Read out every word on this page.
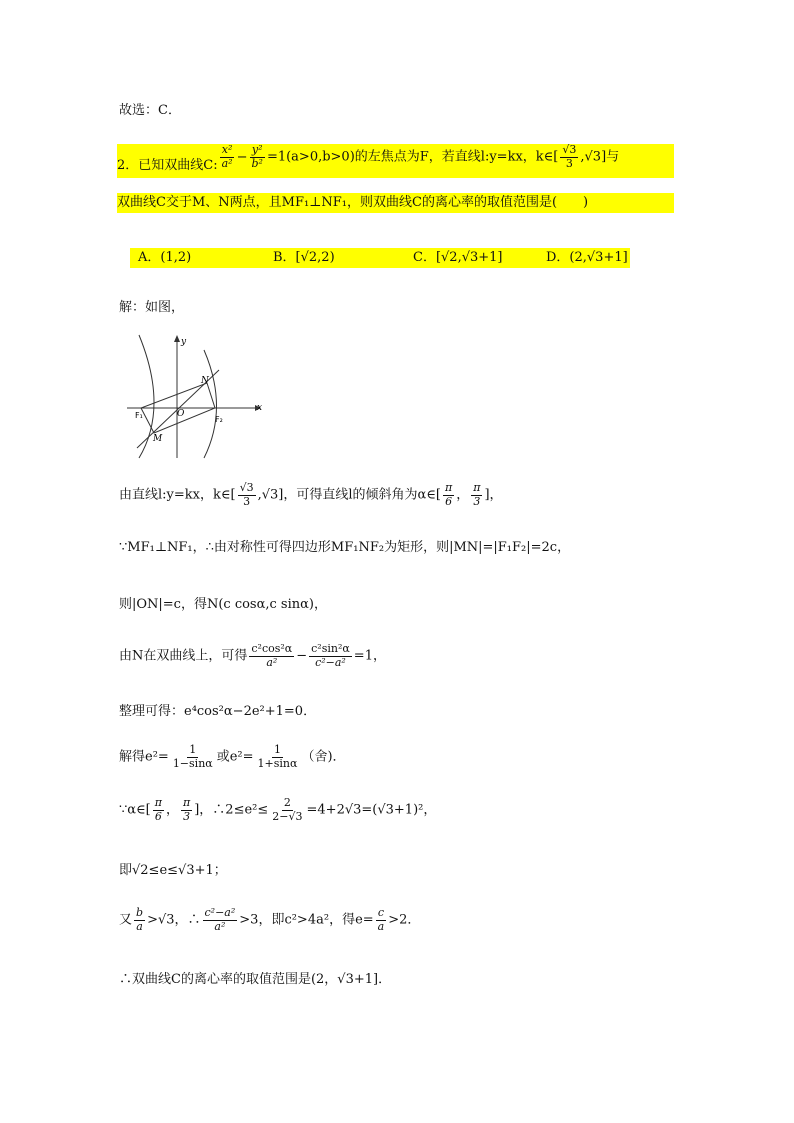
故选：C．
2．已知双曲线C: $\frac{\text{x²}}{\text{a²}} - \frac{\text{y²}}{\text{b²}} =1(a>0,b>0)$的左焦点为F，若直线l:y=kx，k∈[ $\frac{√3}{3} ,√3$]与
双曲线C交于M、N两点，且MF₁⊥NF₁，则双曲线C的离心率的取值范围是(　　)
A．(1,2)	B．[√2,2)	C．[√2,√3+1]	D．(2,√3+1]
解：如图，
y
x
N
O
F₁	F₂
M
由直线l:y=kx，k∈[ $\frac{√3}{3} ,√3$]，可得直线l的倾斜角为α∈[ $\frac{\pi}{6}$ ， $\frac{\pi}{3}$ ]，
∵MF₁⊥NF₁，∴由对称性可得四边形MF₁NF₂为矩形，则|MN|=|F₁F₂|=2c，
则|ON|=c，得N(c cosα,c sinα)，
由N在双曲线上，可得 $\frac{\text{c²cos²α}}{\text{a²}} - \frac{\text{c²sin²α}}{\text{c²−a²}} =1$，
整理可得：e⁴cos²α−2e²+1=0．
解得$e^2= \frac{1}{1-\sin\alpha}$ 或$e^2= \frac{1}{1+\sin\alpha}$ （舍)．
∵α∈[ $\frac{\pi}{6}$ ， $\frac{\pi}{3}$ ]，∴2≤e²≤ $\frac{2}{2-√3} =4+2√3=(√3+1)^2$，
即√2≤e≤√3+1；
又 $\frac{b}{a} >√3$，∴ $\frac{\text{c²−a²}}{\text{a²}} >3$，即c²>4a²，得$e= \frac{c}{a} >2$．
∴双曲线C的离心率的取值范围是(2，√3+1]．
